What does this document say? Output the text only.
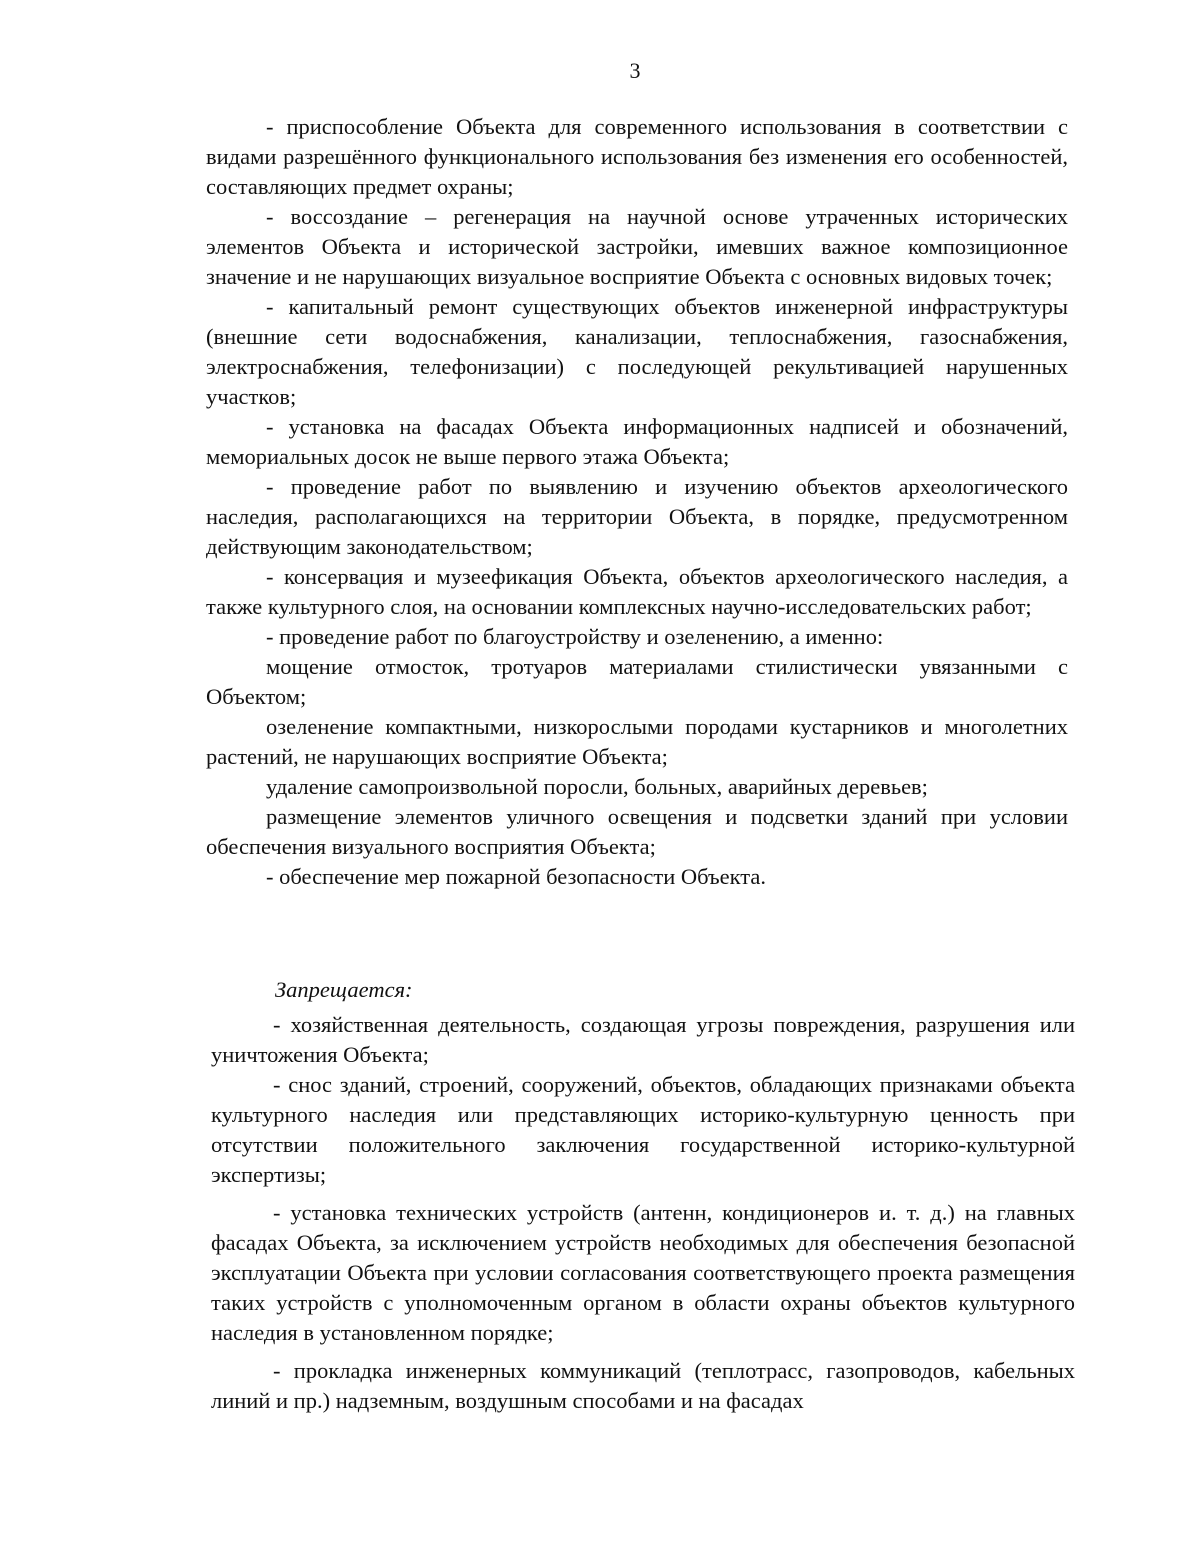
3

- приспособление Объекта для современного использования в соответствии с видами разрешённого функционального использования без изменения его особенностей, составляющих предмет охраны;

- воссоздание – регенерация на научной основе утраченных исторических элементов Объекта и исторической застройки, имевших важное композиционное значение и не нарушающих визуальное восприятие Объекта с основных видовых точек;

- капитальный ремонт существующих объектов инженерной инфраструктуры (внешние сети водоснабжения, канализации, теплоснабжения, газоснабжения, электроснабжения, телефонизации) с последующей рекультивацией нарушенных участков;

- установка на фасадах Объекта информационных надписей и обозначений, мемориальных досок не выше первого этажа Объекта;

- проведение работ по выявлению и изучению объектов археологического наследия, располагающихся на территории Объекта, в порядке, предусмотренном действующим законодательством;

- консервация и музеефикация Объекта, объектов археологического наследия, а также культурного слоя, на основании комплексных научно-исследовательских работ;

- проведение работ по благоустройству и озеленению, а именно:

мощение отмосток, тротуаров материалами стилистически увязанными с Объектом;

озеленение компактными, низкорослыми породами кустарников и многолетних растений, не нарушающих восприятие Объекта;

удаление самопроизвольной поросли, больных, аварийных деревьев;

размещение элементов уличного освещения и подсветки зданий при условии обеспечения визуального восприятия Объекта;

- обеспечение мер пожарной безопасности Объекта.

Запрещается:

- хозяйственная деятельность, создающая угрозы повреждения, разрушения или уничтожения Объекта;

- снос зданий, строений, сооружений, объектов, обладающих признаками объекта культурного наследия или представляющих историко-культурную ценность при отсутствии положительного заключения государственной историко-культурной экспертизы;

- установка технических устройств (антенн, кондиционеров и. т. д.) на главных фасадах Объекта, за исключением устройств необходимых для обеспечения безопасной эксплуатации Объекта при условии согласования соответствующего проекта размещения таких устройств с уполномоченным органом в области охраны объектов культурного наследия в установленном порядке;

- прокладка инженерных коммуникаций (теплотрасс, газопроводов, кабельных линий и пр.) надземным, воздушным способами и на фасадах
